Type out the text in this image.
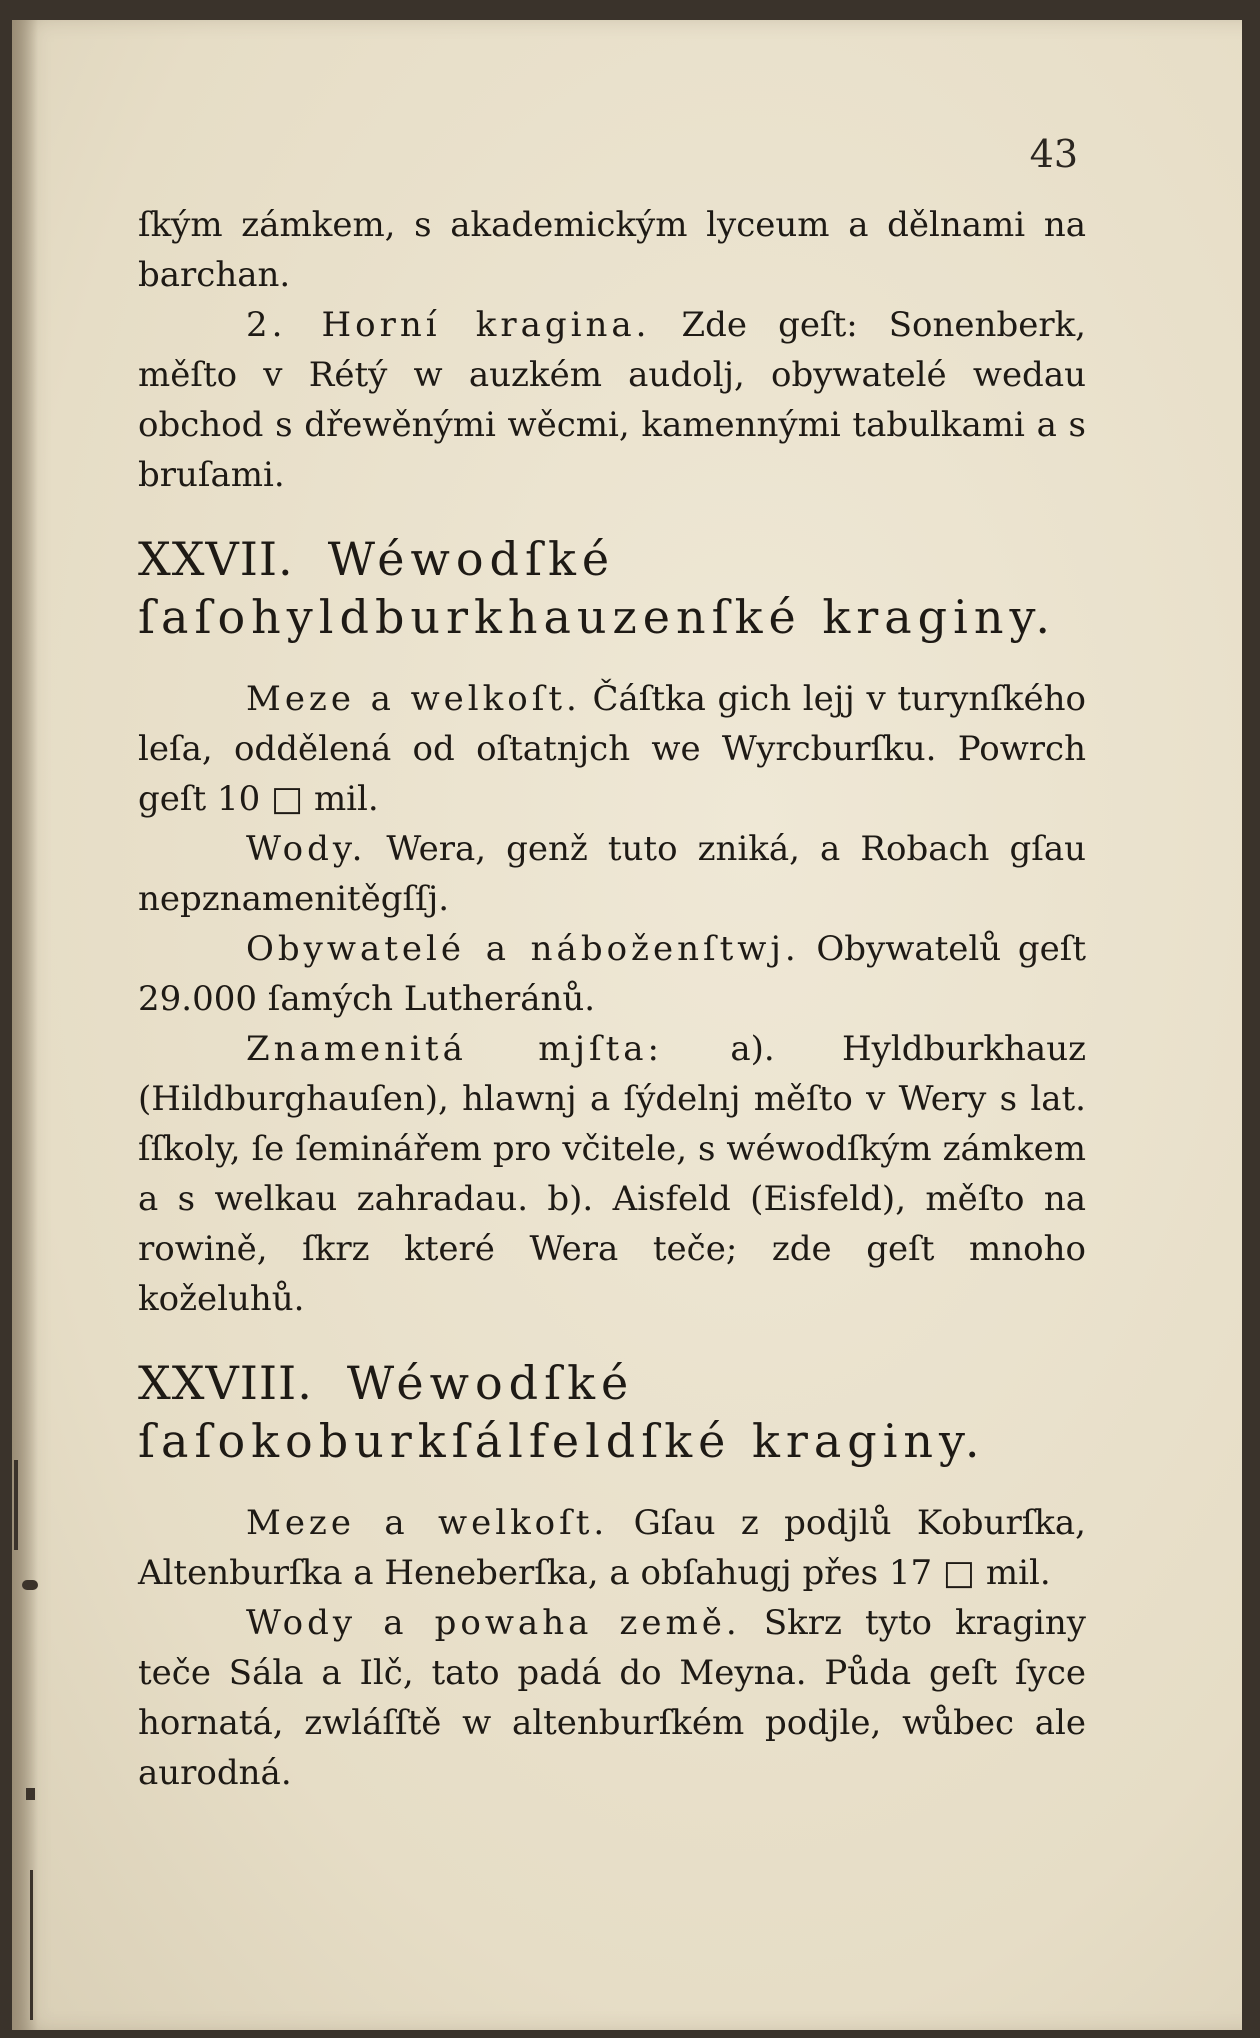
43

ſkým zámkem, s akademickým lyceum a dělnami na barchan.

2. Horní kragina. Zde geſt: Sonenberk, měſto v Rétý w auzkém audolj, obywatelé wedau obchod s dřewěnými wěcmi, kamennými tabulkami a s bruſami.

XXVII. Wéwodſké ſaſohyldburkhauzenſké kraginy.

Meze a welkoſt. Čáſtka gich lejj v turynſkého leſa, oddělená od oſtatnjch we Wyrcburſku. Powrch geſt 10 □ mil.

Wody. Wera, genž tuto zniká, a Robach gſau nepznamenitěgſſj.

Obywatelé a náboženſtwj. Obywatelů geſt 29.000 ſamých Lutheránů.

Znamenitá mjſta: a). Hyldburkhauz (Hildburghauſen), hlawnj a ſýdelnj měſto v Wery s lat. ſſkoly, ſe ſeminářem pro včitele, s wéwodſkým zámkem a s welkau zahradau. b). Aisfeld (Eisfeld), měſto na rowině, ſkrz které Wera teče; zde geſt mnoho koželuhů.

XXVIII. Wéwodſké ſaſokoburkſálfeldſké kraginy.

Meze a welkoſt. Gſau z podjlů Koburſka, Altenburſka a Heneberſka, a obſahugj přes 17 □ mil.

Wody a powaha země. Skrz tyto kraginy teče Sála a Ilč, tato padá do Meyna. Půda geſt ſyce hornatá, zwláſſtě w altenburſkém podjle, wůbec ale aurodná.
